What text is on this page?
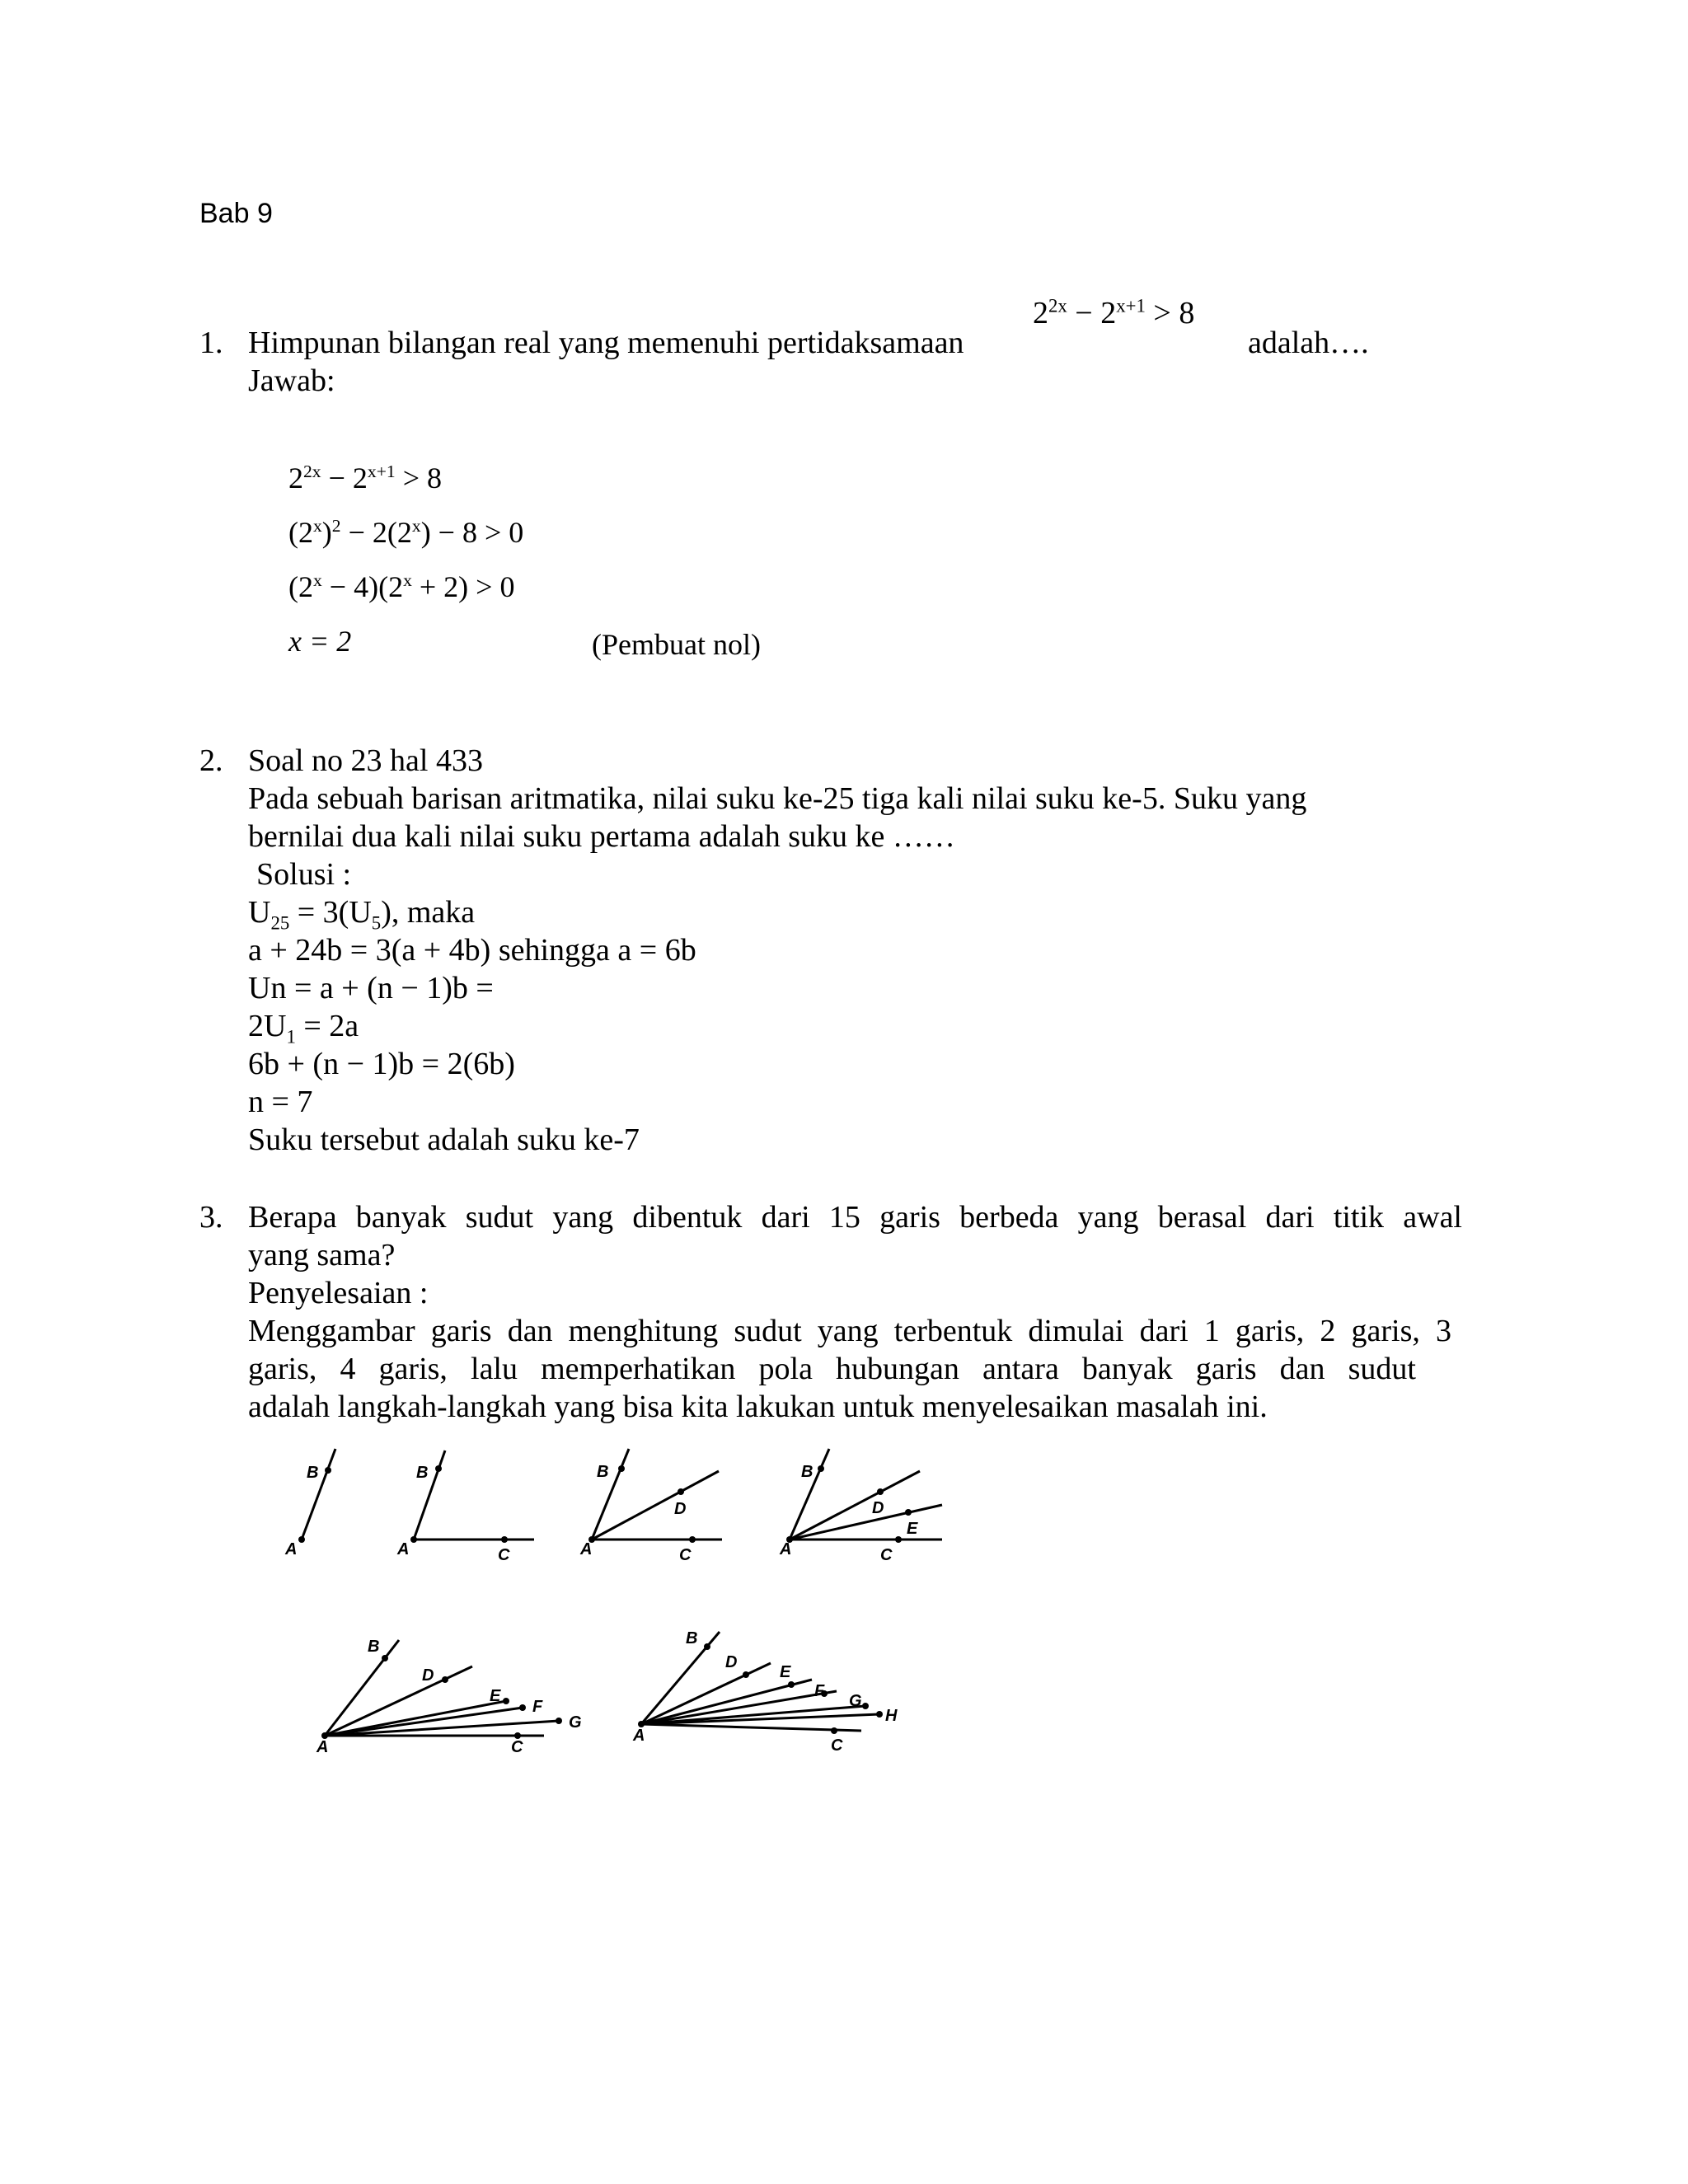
Bab 9
1. Himpunan bilangan real yang memenuhi pertidaksamaan
$2^{2x} - 2^{x+1} > 8$
adalah….
Jawab:
$2^{2x} - 2^{x+1} > 8$
$(2^x)^2 - 2(2^x) - 8 > 0$
$(2^x - 4)(2^x + 2) > 0$
x = 2	(Pembuat nol)
2. Soal no 23 hal 433
Pada sebuah barisan aritmatika, nilai suku ke-25 tiga kali nilai suku ke-5. Suku yang
bernilai dua kali nilai suku pertama adalah suku ke ……
Solusi :
$U_{25} = 3(U_5)$, maka
a + 24b = 3(a + 4b) sehingga a = 6b
Un = a + (n − 1)b =
$2U_1 = 2a$
6b + (n − 1)b = 2(6b)
n = 7
Suku tersebut adalah suku ke-7
3. Berapa banyak sudut yang dibentuk dari 15 garis berbeda yang berasal dari titik awal
yang sama?
Penyelesaian :
Menggambar garis dan menghitung sudut yang terbentuk dimulai dari 1 garis, 2 garis, 3
garis, 4 garis, lalu memperhatikan pola hubungan antara banyak garis dan sudut
adalah langkah-langkah yang bisa kita lakukan untuk menyelesaikan masalah ini.
B
A
B
A	C
B
D
A	C
B
D
E
A	C
B
D
E
F
G
A	C
B
D
E
F
G
H
A
C
